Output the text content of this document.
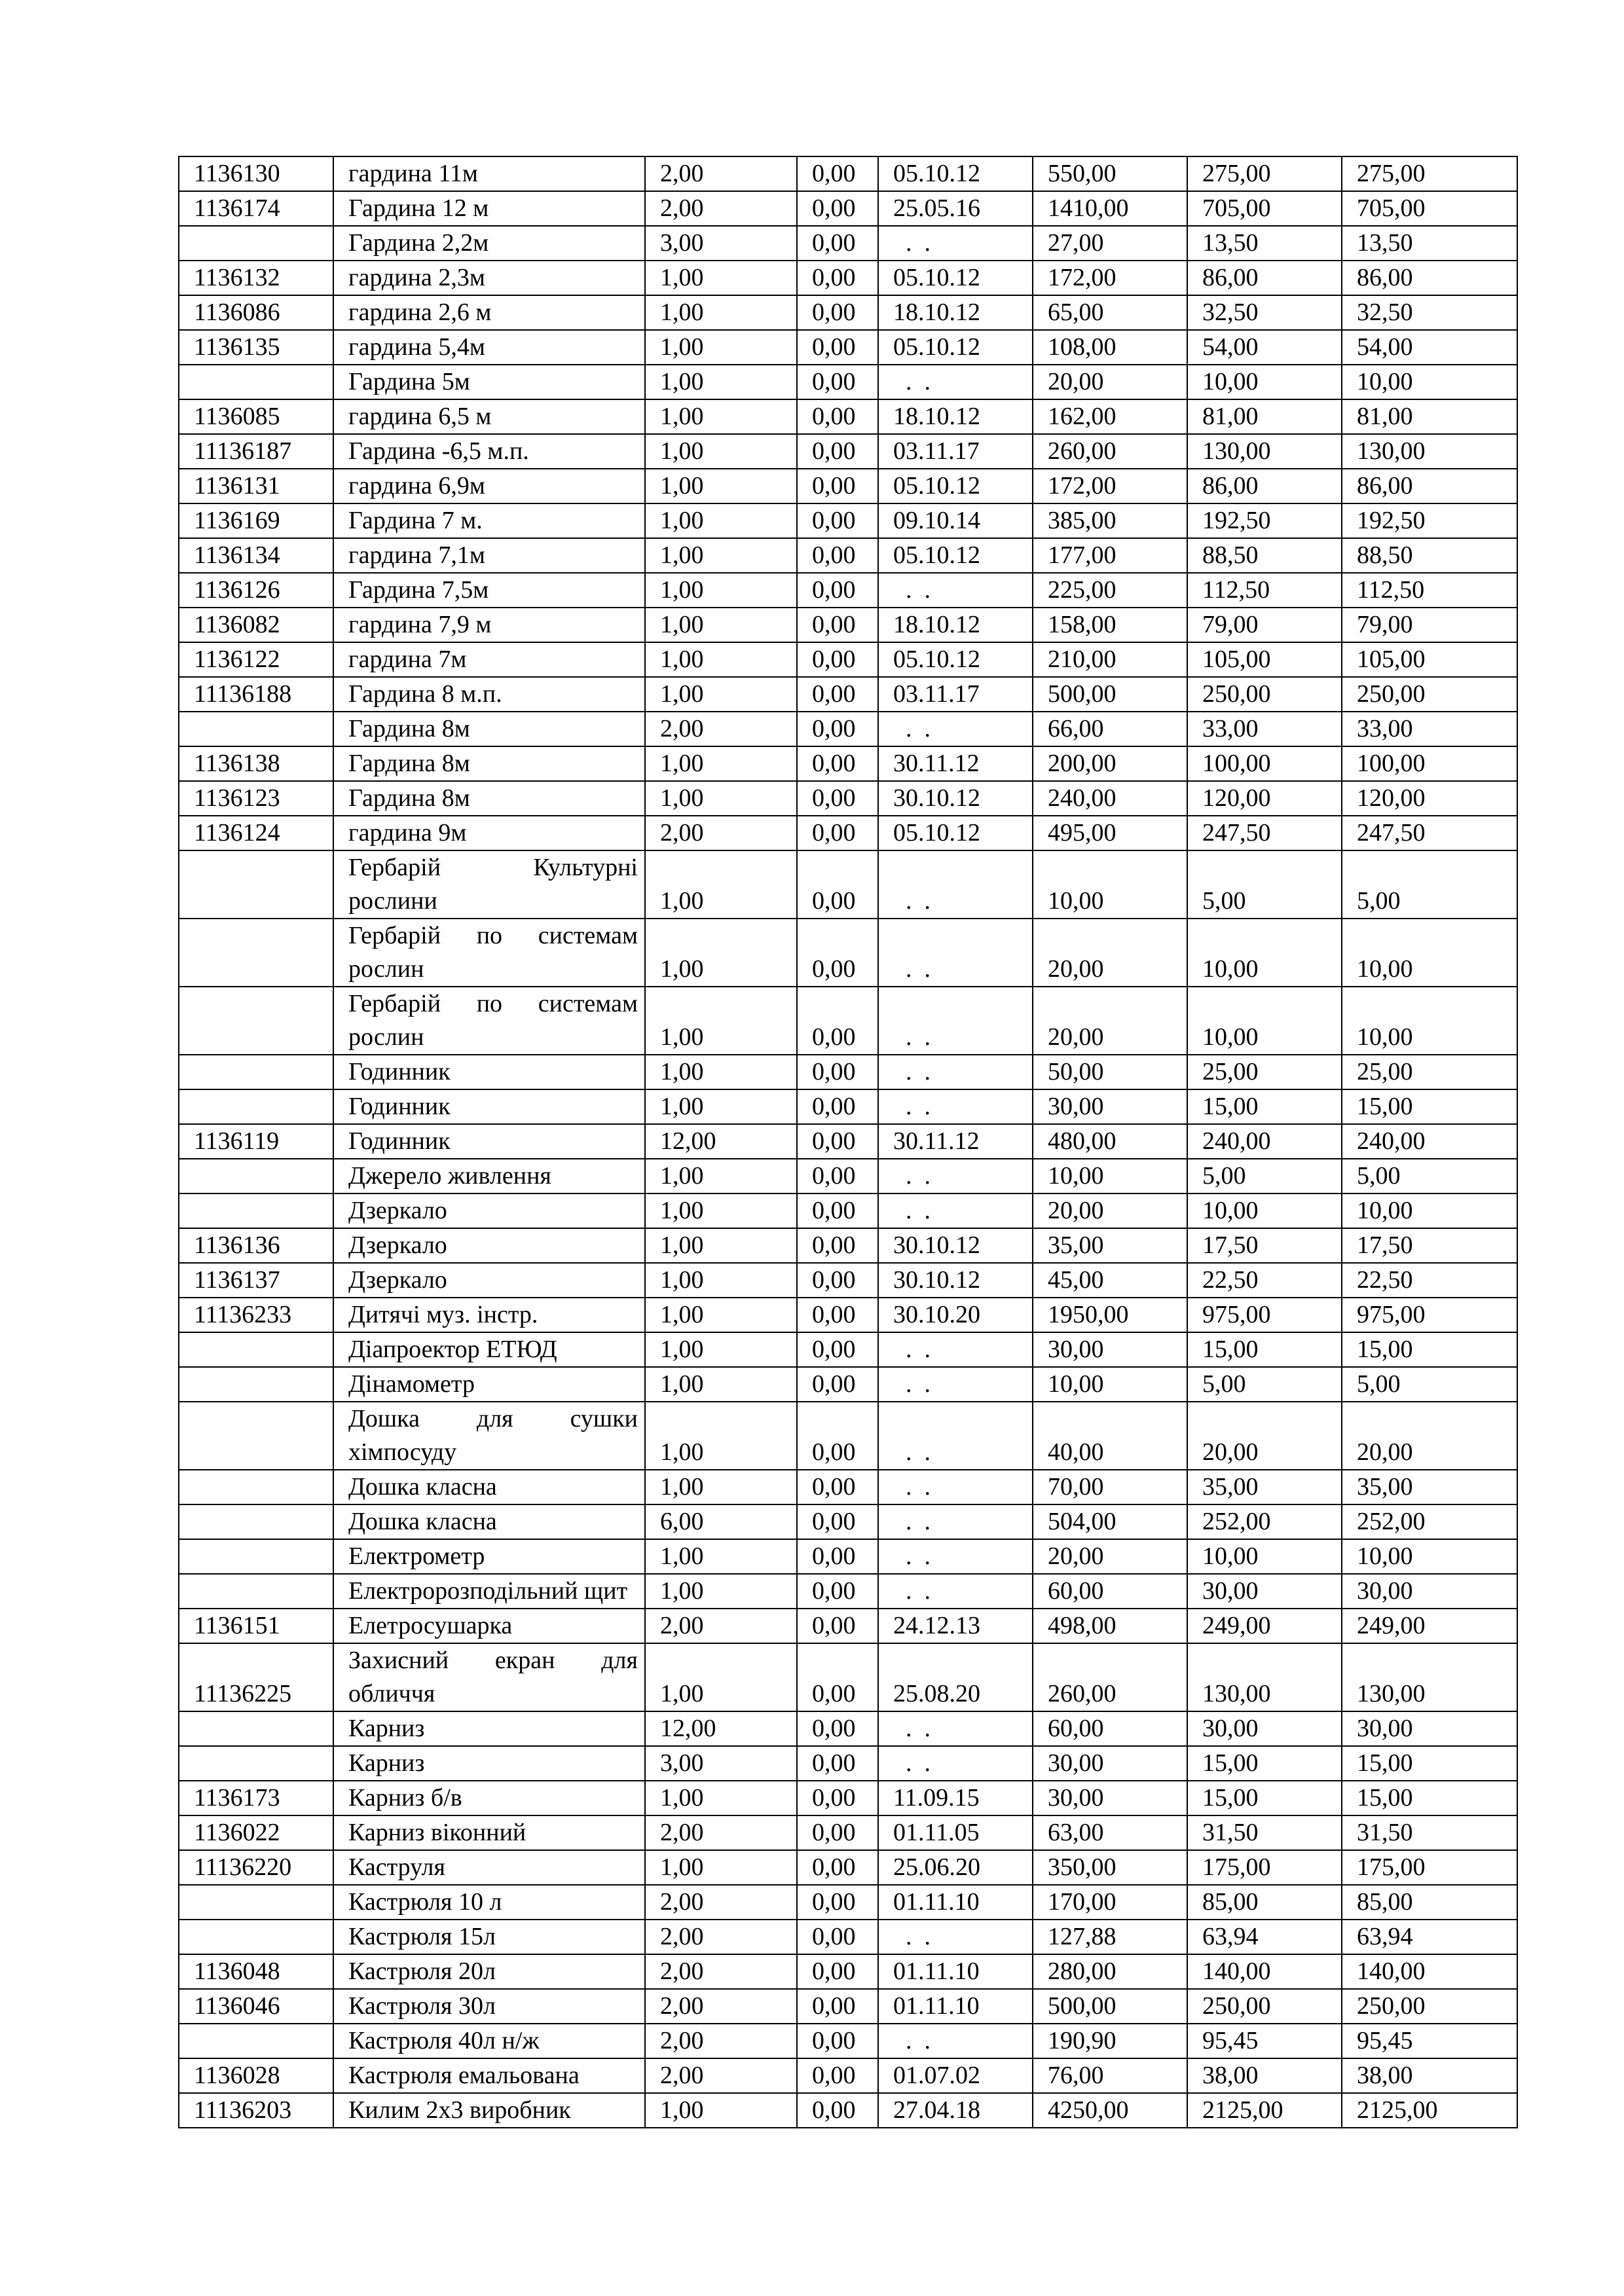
1136130	гардина 11м	2,00	0,00	05.10.12	550,00	275,00	275,00
1136174	Гардина 12 м	2,00	0,00	25.05.16	1410,00	705,00	705,00
	Гардина 2,2м	3,00	0,00	.  .	27,00	13,50	13,50
1136132	гардина 2,3м	1,00	0,00	05.10.12	172,00	86,00	86,00
1136086	гардина 2,6 м	1,00	0,00	18.10.12	65,00	32,50	32,50
1136135	гардина 5,4м	1,00	0,00	05.10.12	108,00	54,00	54,00
	Гардина 5м	1,00	0,00	.  .	20,00	10,00	10,00
1136085	гардина 6,5 м	1,00	0,00	18.10.12	162,00	81,00	81,00
11136187	Гардина -6,5 м.п.	1,00	0,00	03.11.17	260,00	130,00	130,00
1136131	гардина 6,9м	1,00	0,00	05.10.12	172,00	86,00	86,00
1136169	Гардина 7 м.	1,00	0,00	09.10.14	385,00	192,50	192,50
1136134	гардина 7,1м	1,00	0,00	05.10.12	177,00	88,50	88,50
1136126	Гардина 7,5м	1,00	0,00	.  .	225,00	112,50	112,50
1136082	гардина 7,9 м	1,00	0,00	18.10.12	158,00	79,00	79,00
1136122	гардина 7м	1,00	0,00	05.10.12	210,00	105,00	105,00
11136188	Гардина 8 м.п.	1,00	0,00	03.11.17	500,00	250,00	250,00
	Гардина 8м	2,00	0,00	.  .	66,00	33,00	33,00
1136138	Гардина 8м	1,00	0,00	30.11.12	200,00	100,00	100,00
1136123	Гардина 8м	1,00	0,00	30.10.12	240,00	120,00	120,00
1136124	гардина 9м	2,00	0,00	05.10.12	495,00	247,50	247,50
	Гербарій Культурні рослини	1,00	0,00	.  .	10,00	5,00	5,00
	Гербарій по системам рослин	1,00	0,00	.  .	20,00	10,00	10,00
	Гербарій по системам рослин	1,00	0,00	.  .	20,00	10,00	10,00
	Годинник	1,00	0,00	.  .	50,00	25,00	25,00
	Годинник	1,00	0,00	.  .	30,00	15,00	15,00
1136119	Годинник	12,00	0,00	30.11.12	480,00	240,00	240,00
	Джерело живлення	1,00	0,00	.  .	10,00	5,00	5,00
	Дзеркало	1,00	0,00	.  .	20,00	10,00	10,00
1136136	Дзеркало	1,00	0,00	30.10.12	35,00	17,50	17,50
1136137	Дзеркало	1,00	0,00	30.10.12	45,00	22,50	22,50
11136233	Дитячі муз. інстр.	1,00	0,00	30.10.20	1950,00	975,00	975,00
	Діапроектор ЕТЮД	1,00	0,00	.  .	30,00	15,00	15,00
	Дінамометр	1,00	0,00	.  .	10,00	5,00	5,00
	Дошка для сушки хімпосуду	1,00	0,00	.  .	40,00	20,00	20,00
	Дошка класна	1,00	0,00	.  .	70,00	35,00	35,00
	Дошка класна	6,00	0,00	.  .	504,00	252,00	252,00
	Електрометр	1,00	0,00	.  .	20,00	10,00	10,00
	Електророзподільний щит	1,00	0,00	.  .	60,00	30,00	30,00
1136151	Елетросушарка	2,00	0,00	24.12.13	498,00	249,00	249,00
11136225	Захисний екран для обличчя	1,00	0,00	25.08.20	260,00	130,00	130,00
	Карниз	12,00	0,00	.  .	60,00	30,00	30,00
	Карниз	3,00	0,00	.  .	30,00	15,00	15,00
1136173	Карниз б/в	1,00	0,00	11.09.15	30,00	15,00	15,00
1136022	Карниз віконний	2,00	0,00	01.11.05	63,00	31,50	31,50
11136220	Каструля	1,00	0,00	25.06.20	350,00	175,00	175,00
	Кастрюля 10 л	2,00	0,00	01.11.10	170,00	85,00	85,00
	Кастрюля 15л	2,00	0,00	.  .	127,88	63,94	63,94
1136048	Кастрюля 20л	2,00	0,00	01.11.10	280,00	140,00	140,00
1136046	Кастрюля 30л	2,00	0,00	01.11.10	500,00	250,00	250,00
	Кастрюля 40л н/ж	2,00	0,00	.  .	190,90	95,45	95,45
1136028	Кастрюля емальована	2,00	0,00	01.07.02	76,00	38,00	38,00
11136203	Килим 2х3 виробник	1,00	0,00	27.04.18	4250,00	2125,00	2125,00
